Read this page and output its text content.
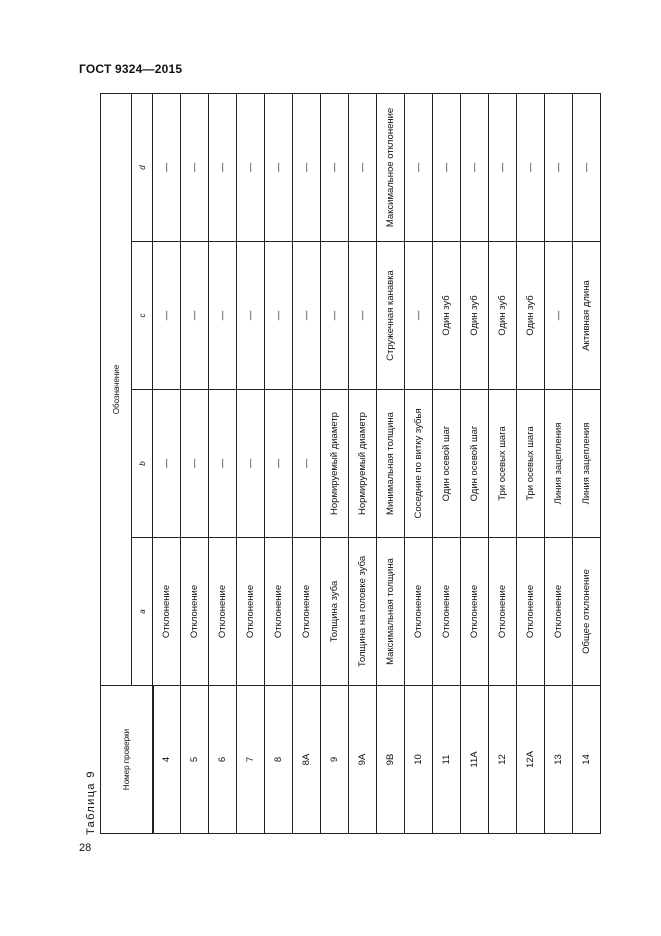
ГОСТ 9324—2015
Таблица 9
Номер проверки	Обозначение			
	a	b	c	d
4	Отклонение	—	—	—
5	Отклонение	—	—	—
6	Отклонение	—	—	—
7	Отклонение	—	—	—
8	Отклонение	—	—	—
8А	Отклонение	—	—	—
9	Толщина зуба	Нормируемый диаметр	—	—
9А	Толщина на головке зуба	Нормируемый диаметр	—	—
9В	Максимальная толщина	Минимальная толщина	Стружечная канавка	Максимальное отклонение
10	Отклонение	Соседние по витку зубья	—	—
11	Отклонение	Один осевой шаг	Один зуб	—
11А	Отклонение	Один осевой шаг	Один зуб	—
12	Отклонение	Три осевых шага	Один зуб	—
12А	Отклонение	Три осевых шага	Один зуб	—
13	Отклонение	Линия зацепления	—	—
14	Общее отклонение	Линия зацепления	Активная длина	—
28
